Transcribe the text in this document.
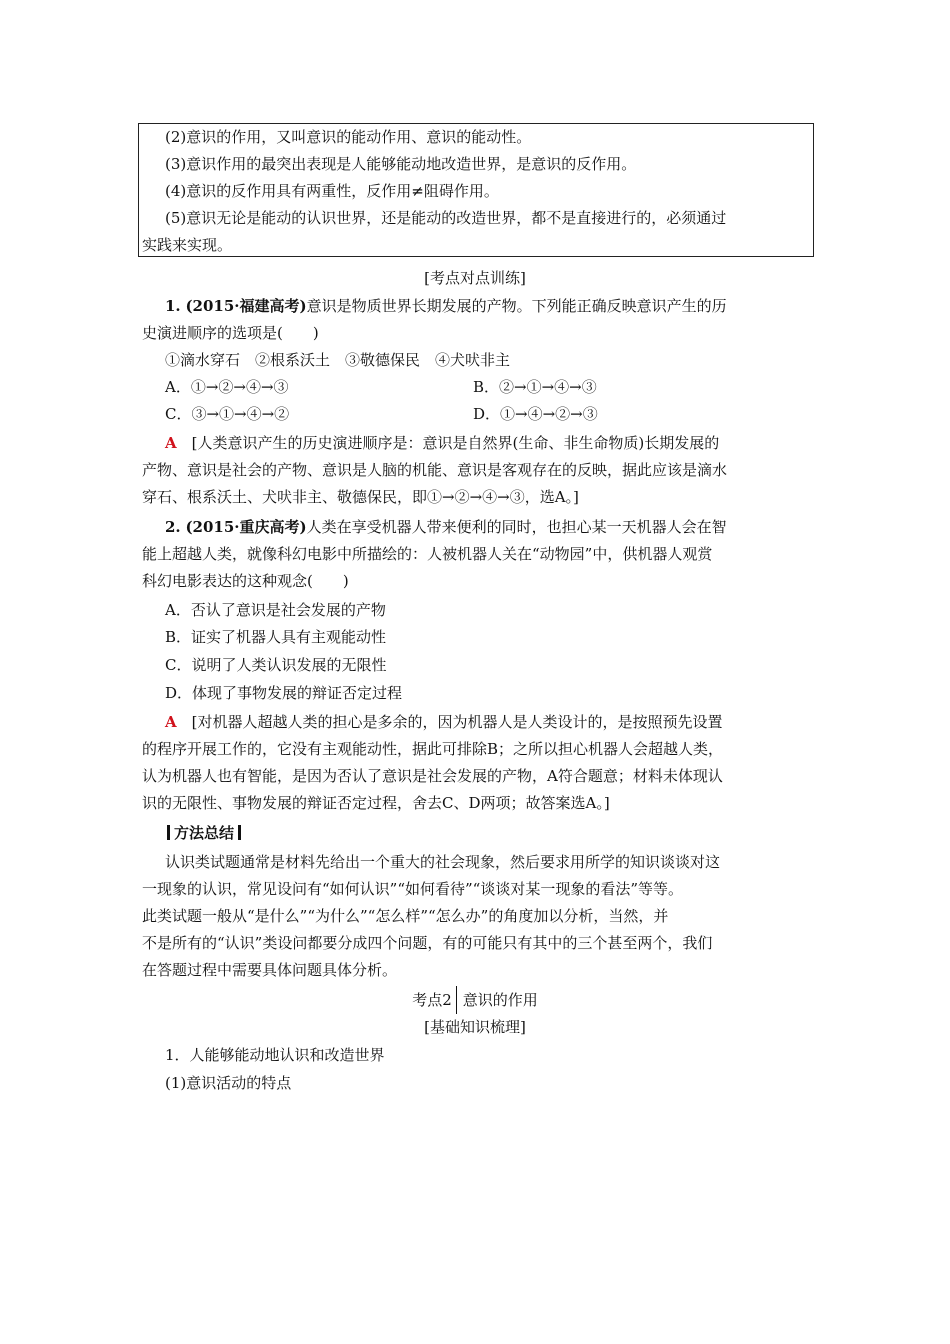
(2)意识的作用，又叫意识的能动作用、意识的能动性。
(3)意识作用的最突出表现是人能够能动地改造世界，是意识的反作用。
(4)意识的反作用具有两重性，反作用≠阻碍作用。
(5)意识无论是能动的认识世界，还是能动的改造世界，都不是直接进行的，必须通过
实践来实现。
[考点对点训练]
1. (2015·福建高考)意识是物质世界长期发展的产物。下列能正确反映意识产生的历
史演进顺序的选项是(　　)
①滴水穿石　②根系沃土　③敬德保民　④犬吠非主
A．①→②→④→③	B．②→①→④→③
C．③→①→④→②	D．①→④→②→③
A　 [人类意识产生的历史演进顺序是：意识是自然界(生命、非生命物质)长期发展的
产物、意识是社会的产物、意识是人脑的机能、意识是客观存在的反映，据此应该是滴水
穿石、根系沃土、犬吠非主、敬德保民，即①→②→④→③，选A。]
2. (2015·重庆高考)人类在享受机器人带来便利的同时，也担心某一天机器人会在智
能上超越人类，就像科幻电影中所描绘的：人被机器人关在“动物园”中，供机器人观赏
科幻电影表达的这种观念(　　)
A．否认了意识是社会发展的产物
B．证实了机器人具有主观能动性
C．说明了人类认识发展的无限性
D．体现了事物发展的辩证否定过程
A　 [对机器人超越人类的担心是多余的，因为机器人是人类设计的，是按照预先设置
的程序开展工作的，它没有主观能动性，据此可排除B；之所以担心机器人会超越人类，
认为机器人也有智能，是因为否认了意识是社会发展的产物，A符合题意；材料未体现认
识的无限性、事物发展的辩证否定过程，舍去C、D两项；故答案选A。]
方法总结
认识类试题通常是材料先给出一个重大的社会现象，然后要求用所学的知识谈谈对这
一现象的认识，常见设问有“如何认识”“如何看待”“谈谈对某一现象的看法”等等。
此类试题一般从“是什么”“为什么”“怎么样”“怎么办”的角度加以分析，当然，并
不是所有的“认识”类设问都要分成四个问题，有的可能只有其中的三个甚至两个，我们
在答题过程中需要具体问题具体分析。
考点2 意识的作用
[基础知识梳理]
1．人能够能动地认识和改造世界
(1)意识活动的特点
